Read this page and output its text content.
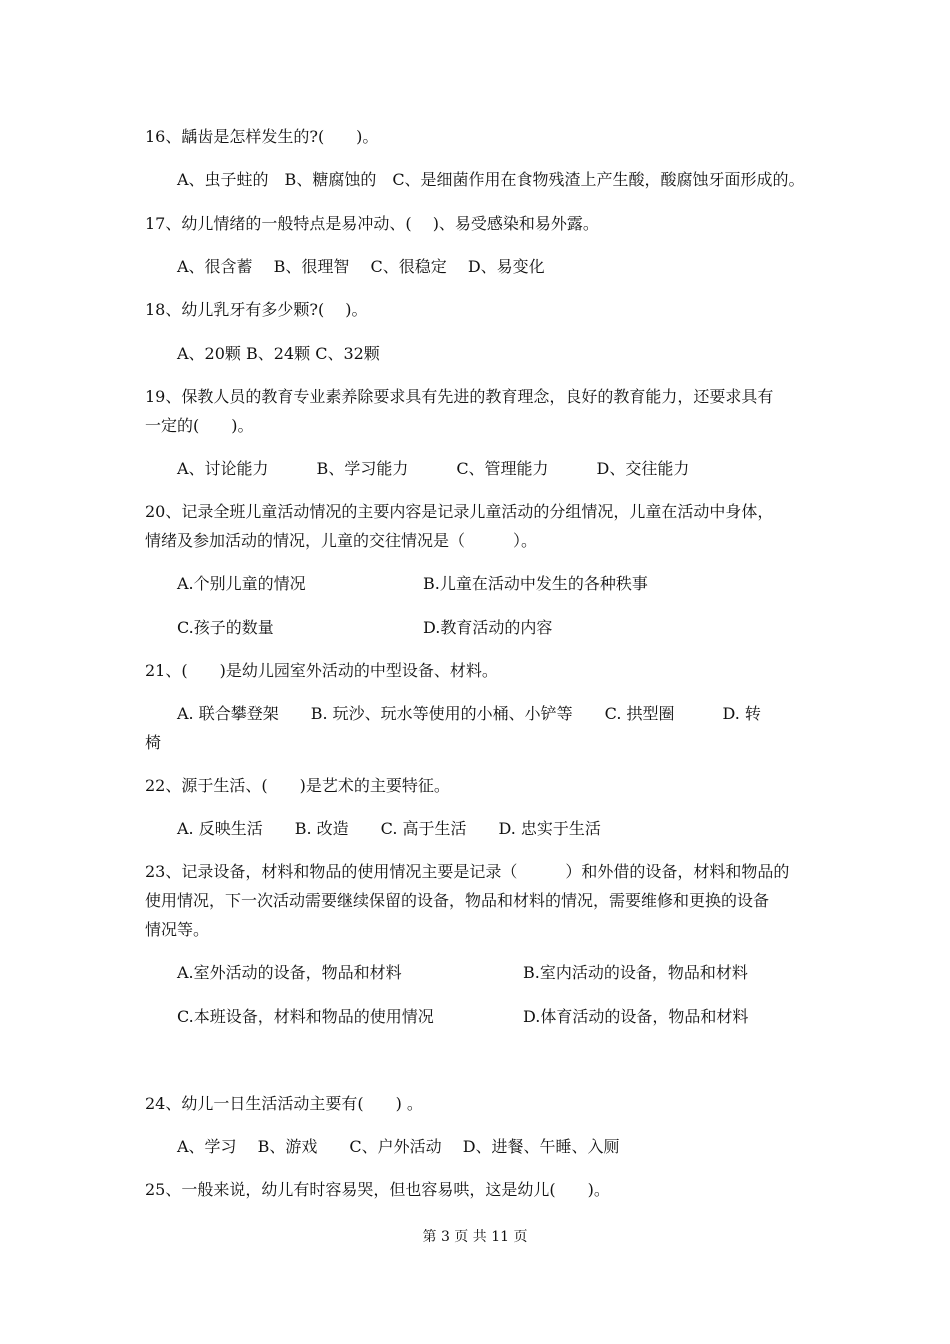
16、龋齿是怎样发生的?(　　)。
A、虫子蛀的　B、糖腐蚀的　C、是细菌作用在食物残渣上产生酸，酸腐蚀牙面形成的。
17、幼儿情绪的一般特点是易冲动、(　 )、易受感染和易外露。
A、很含蓄　 B、很理智　 C、很稳定　 D、易变化
18、幼儿乳牙有多少颗?(　 )。
A、20颗 B、24颗 C、32颗
19、保教人员的教育专业素养除要求具有先进的教育理念，良好的教育能力，还要求具有
一定的(　　)。
A、讨论能力　　　B、学习能力　　　C、管理能力　　　D、交往能力
20、记录全班儿童活动情况的主要内容是记录儿童活动的分组情况，儿童在活动中身体，
情绪及参加活动的情况，儿童的交往情况是（　　　）。
A.个别儿童的情况	B.儿童在活动中发生的各种秩事
C.孩子的数量	D.教育活动的内容
21、(　　)是幼儿园室外活动的中型设备、材料。
A. 联合攀登架　　B. 玩沙、玩水等使用的小桶、小铲等　　C. 拱型圈　　　D. 转
椅
22、源于生活、(　　)是艺术的主要特征。
A. 反映生活　　B. 改造　　C. 高于生活　　D. 忠实于生活
23、记录设备，材料和物品的使用情况主要是记录（　　　）和外借的设备，材料和物品的
使用情况，下一次活动需要继续保留的设备，物品和材料的情况，需要维修和更换的设备
情况等。
A.室外活动的设备，物品和材料	B.室内活动的设备，物品和材料
C.本班设备，材料和物品的使用情况	D.体育活动的设备，物品和材料
24、幼儿一日生活活动主要有(　　) 。
A、学习　 B、游戏　　C、户外活动　 D、进餐、午睡、入厕
25、一般来说，幼儿有时容易哭，但也容易哄，这是幼儿(　　)。
第 3 页 共 11 页
